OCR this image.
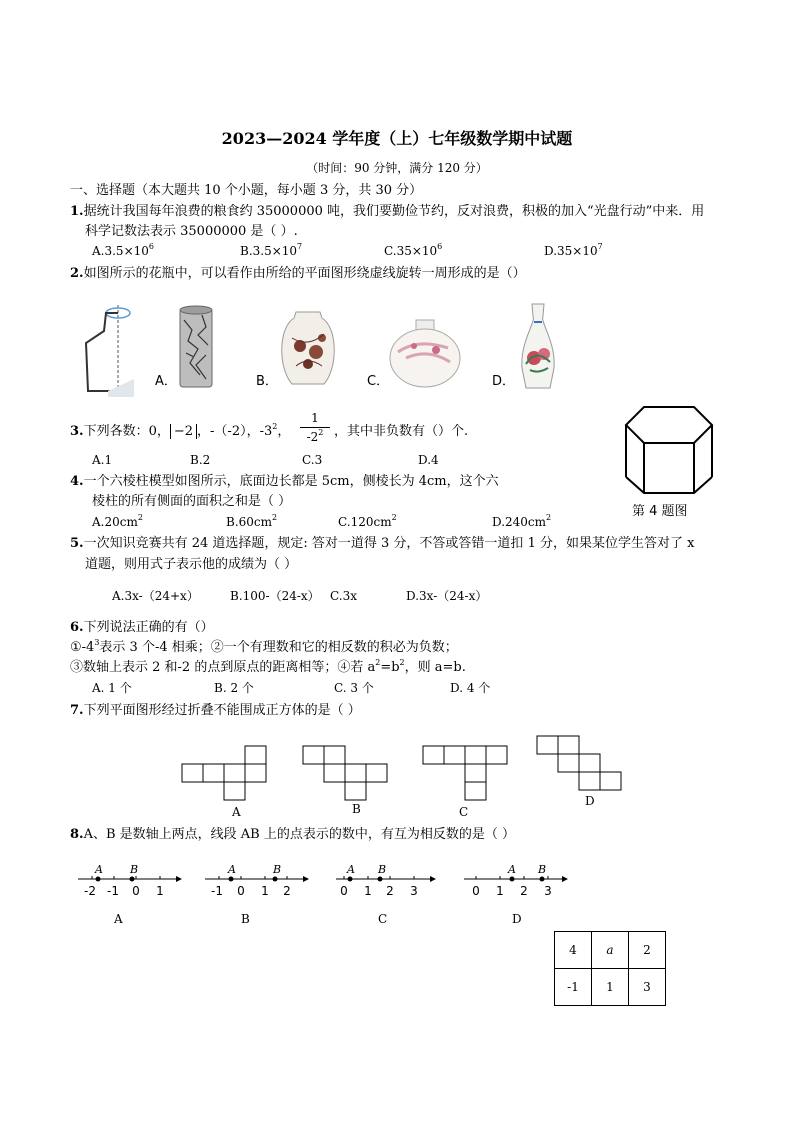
2023—2024 学年度（上）七年级数学期中试题
（时间：90 分钟，满分 120 分）
一、选择题（本大题共 10 个小题，每小题 3 分，共 30 分）
1.据统计我国每年浪费的粮食约 35000000 吨，我们要勤俭节约，反对浪费，积极的加入“光盘行动”中来．用
科学记数法表示 35000000 是（ ）.
$A.3.5\times 10^6$	$B.3.5\times 10^7$	$C.35\times 10^6$	$D.35\times 10^7$
2.如图所示的花瓶中，可以看作由所给的平面图形绕虚线旋转一周形成的是（）
A．	B．	C．	D．
3.下列各数：0， −2 ，-（-2），$-3^2$，
1
$-2^2$ ，其中非负数有（）个.
A.1	B.2	C.3	D.4
第 4 题图
4.一个六棱柱模型如图所示，底面边长都是 5cm，侧棱长为 4cm，这个六
棱柱的所有侧面的面积之和是（ ）
$A.20cm^2$	$B.60cm^2$	$C.120cm^2$	$D.240cm^2$
5.一次知识竞赛共有 24 道选择题，规定: 答对一道得 3 分，不答或答错一道扣 1 分，如果某位学生答对了 x
道题，则用式子表示他的成绩为（ ）
A.3x-（24+x）	B.100-（24-x） C.3x	D.3x-（24-x）
6.下列说法正确的有（）
$①-4^3$表示 3 个-4 相乘；②一个有理数和它的相反数的积必为负数；
③数轴上表示 2 和-2 的点到原点的距离相等；④若 $a^2=b^2$，则 a=b.
A. 1 个	B. 2 个	C. 3 个	D. 4 个
7.下列平面图形经过折叠不能围成正方体的是（ ）
A	B	C
D
8.A、B 是数轴上两点，线段 AB 上的点表示的数中，有互为相反数的是（ ）
A B
-2 -1 0 1
A
A	B
-1 0 1 2
B
A B
0 1 2 3
C
A B
0 1 2 3
D
4	a	2
-1	1	3
